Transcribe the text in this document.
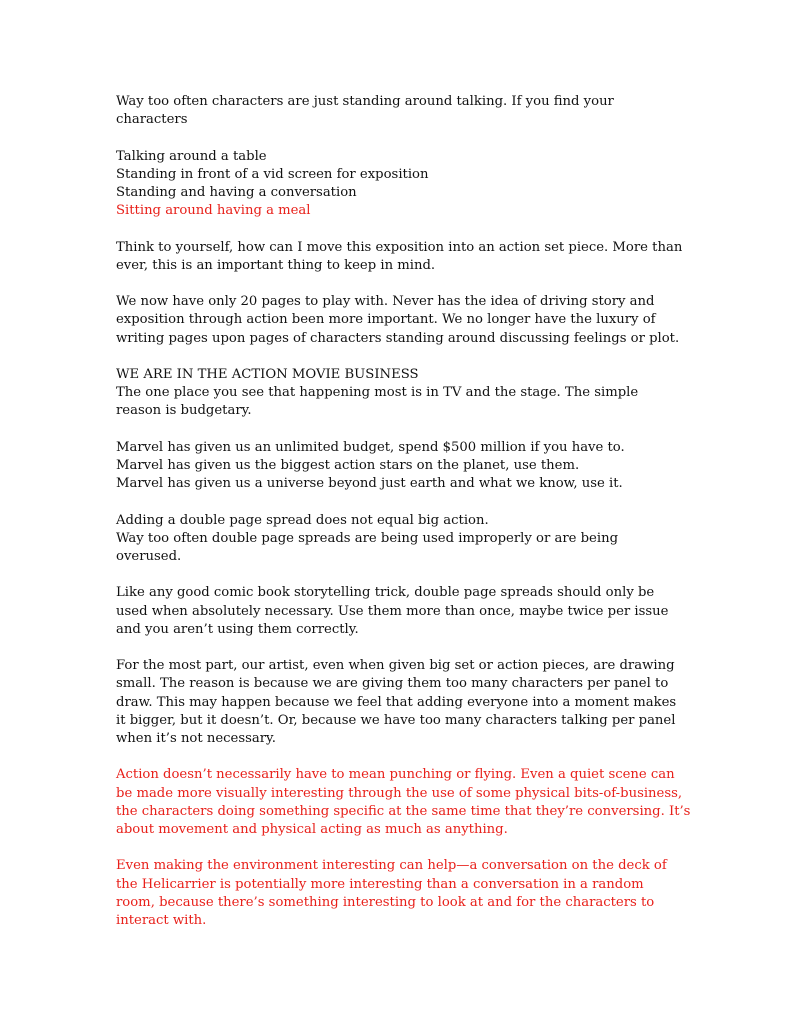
Way too often characters are just standing around talking. If you find your
characters
Talking around a table
Standing in front of a vid screen for exposition
Standing and having a conversation
Sitting around having a meal
Think to yourself, how can I move this exposition into an action set piece. More than
ever, this is an important thing to keep in mind.
We now have only 20 pages to play with. Never has the idea of driving story and
exposition through action been more important. We no longer have the luxury of
writing pages upon pages of characters standing around discussing feelings or plot.
WE ARE IN THE ACTION MOVIE BUSINESS
The one place you see that happening most is in TV and the stage. The simple
reason is budgetary.
Marvel has given us an unlimited budget, spend $500 million if you have to.
Marvel has given us the biggest action stars on the planet, use them.
Marvel has given us a universe beyond just earth and what we know, use it.
Adding a double page spread does not equal big action.
Way too often double page spreads are being used improperly or are being
overused.
Like any good comic book storytelling trick, double page spreads should only be
used when absolutely necessary. Use them more than once, maybe twice per issue
and you aren’t using them correctly.
For the most part, our artist, even when given big set or action pieces, are drawing
small. The reason is because we are giving them too many characters per panel to
draw. This may happen because we feel that adding everyone into a moment makes
it bigger, but it doesn’t. Or, because we have too many characters talking per panel
when it’s not necessary.
Action doesn’t necessarily have to mean punching or flying. Even a quiet scene can
be made more visually interesting through the use of some physical bits-of-business,
the characters doing something specific at the same time that they’re conversing. It’s
about movement and physical acting as much as anything.
Even making the environment interesting can help—a conversation on the deck of
the Helicarrier is potentially more interesting than a conversation in a random
room, because there’s something interesting to look at and for the characters to
interact with.
